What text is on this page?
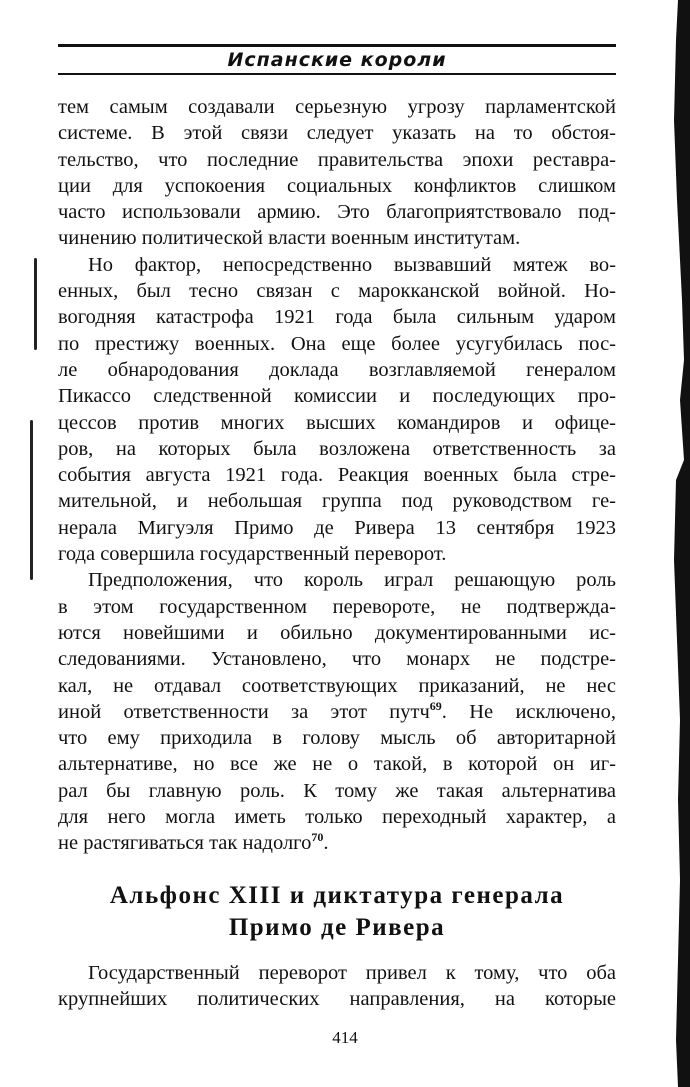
Испанские короли

тем самым создавали серьезную угрозу парламентской
системе. В этой связи следует указать на то обстоя-
тельство, что последние правительства эпохи реставра-
ции для успокоения социальных конфликтов слишком
часто использовали армию. Это благоприятствовало под-
чинению политической власти военным институтам.

Но фактор, непосредственно вызвавший мятеж во-
енных, был тесно связан с марокканской войной. Но-
вогодняя катастрофа 1921 года была сильным ударом
по престижу военных. Она еще более усугубилась пос-
ле обнародования доклада возглавляемой генералом
Пикассо следственной комиссии и последующих про-
цессов против многих высших командиров и офице-
ров, на которых была возложена ответственность за
события августа 1921 года. Реакция военных была стре-
мительной, и небольшая группа под руководством ге-
нерала Мигуэля Примо де Ривера 13 сентября 1923
года совершила государственный переворот.

Предположения, что король играл решающую роль
в этом государственном перевороте, не подтвержда-
ются новейшими и обильно документированными ис-
следованиями. Установлено, что монарх не подстре-
кал, не отдавал соответствующих приказаний, не нес
иной ответственности за этот путч$^{69}$. Не исключено,
что ему приходила в голову мысль об авторитарной
альтернативе, но все же не о такой, в которой он иг-
рал бы главную роль. К тому же такая альтернатива
для него могла иметь только переходный характер, а
не растягиваться так надолго$^{70}$.

Альфонс XIII и диктатура генерала
Примо де Ривера
Государственный переворот привел к тому, что оба
крупнейших политических направления, на которые
414
